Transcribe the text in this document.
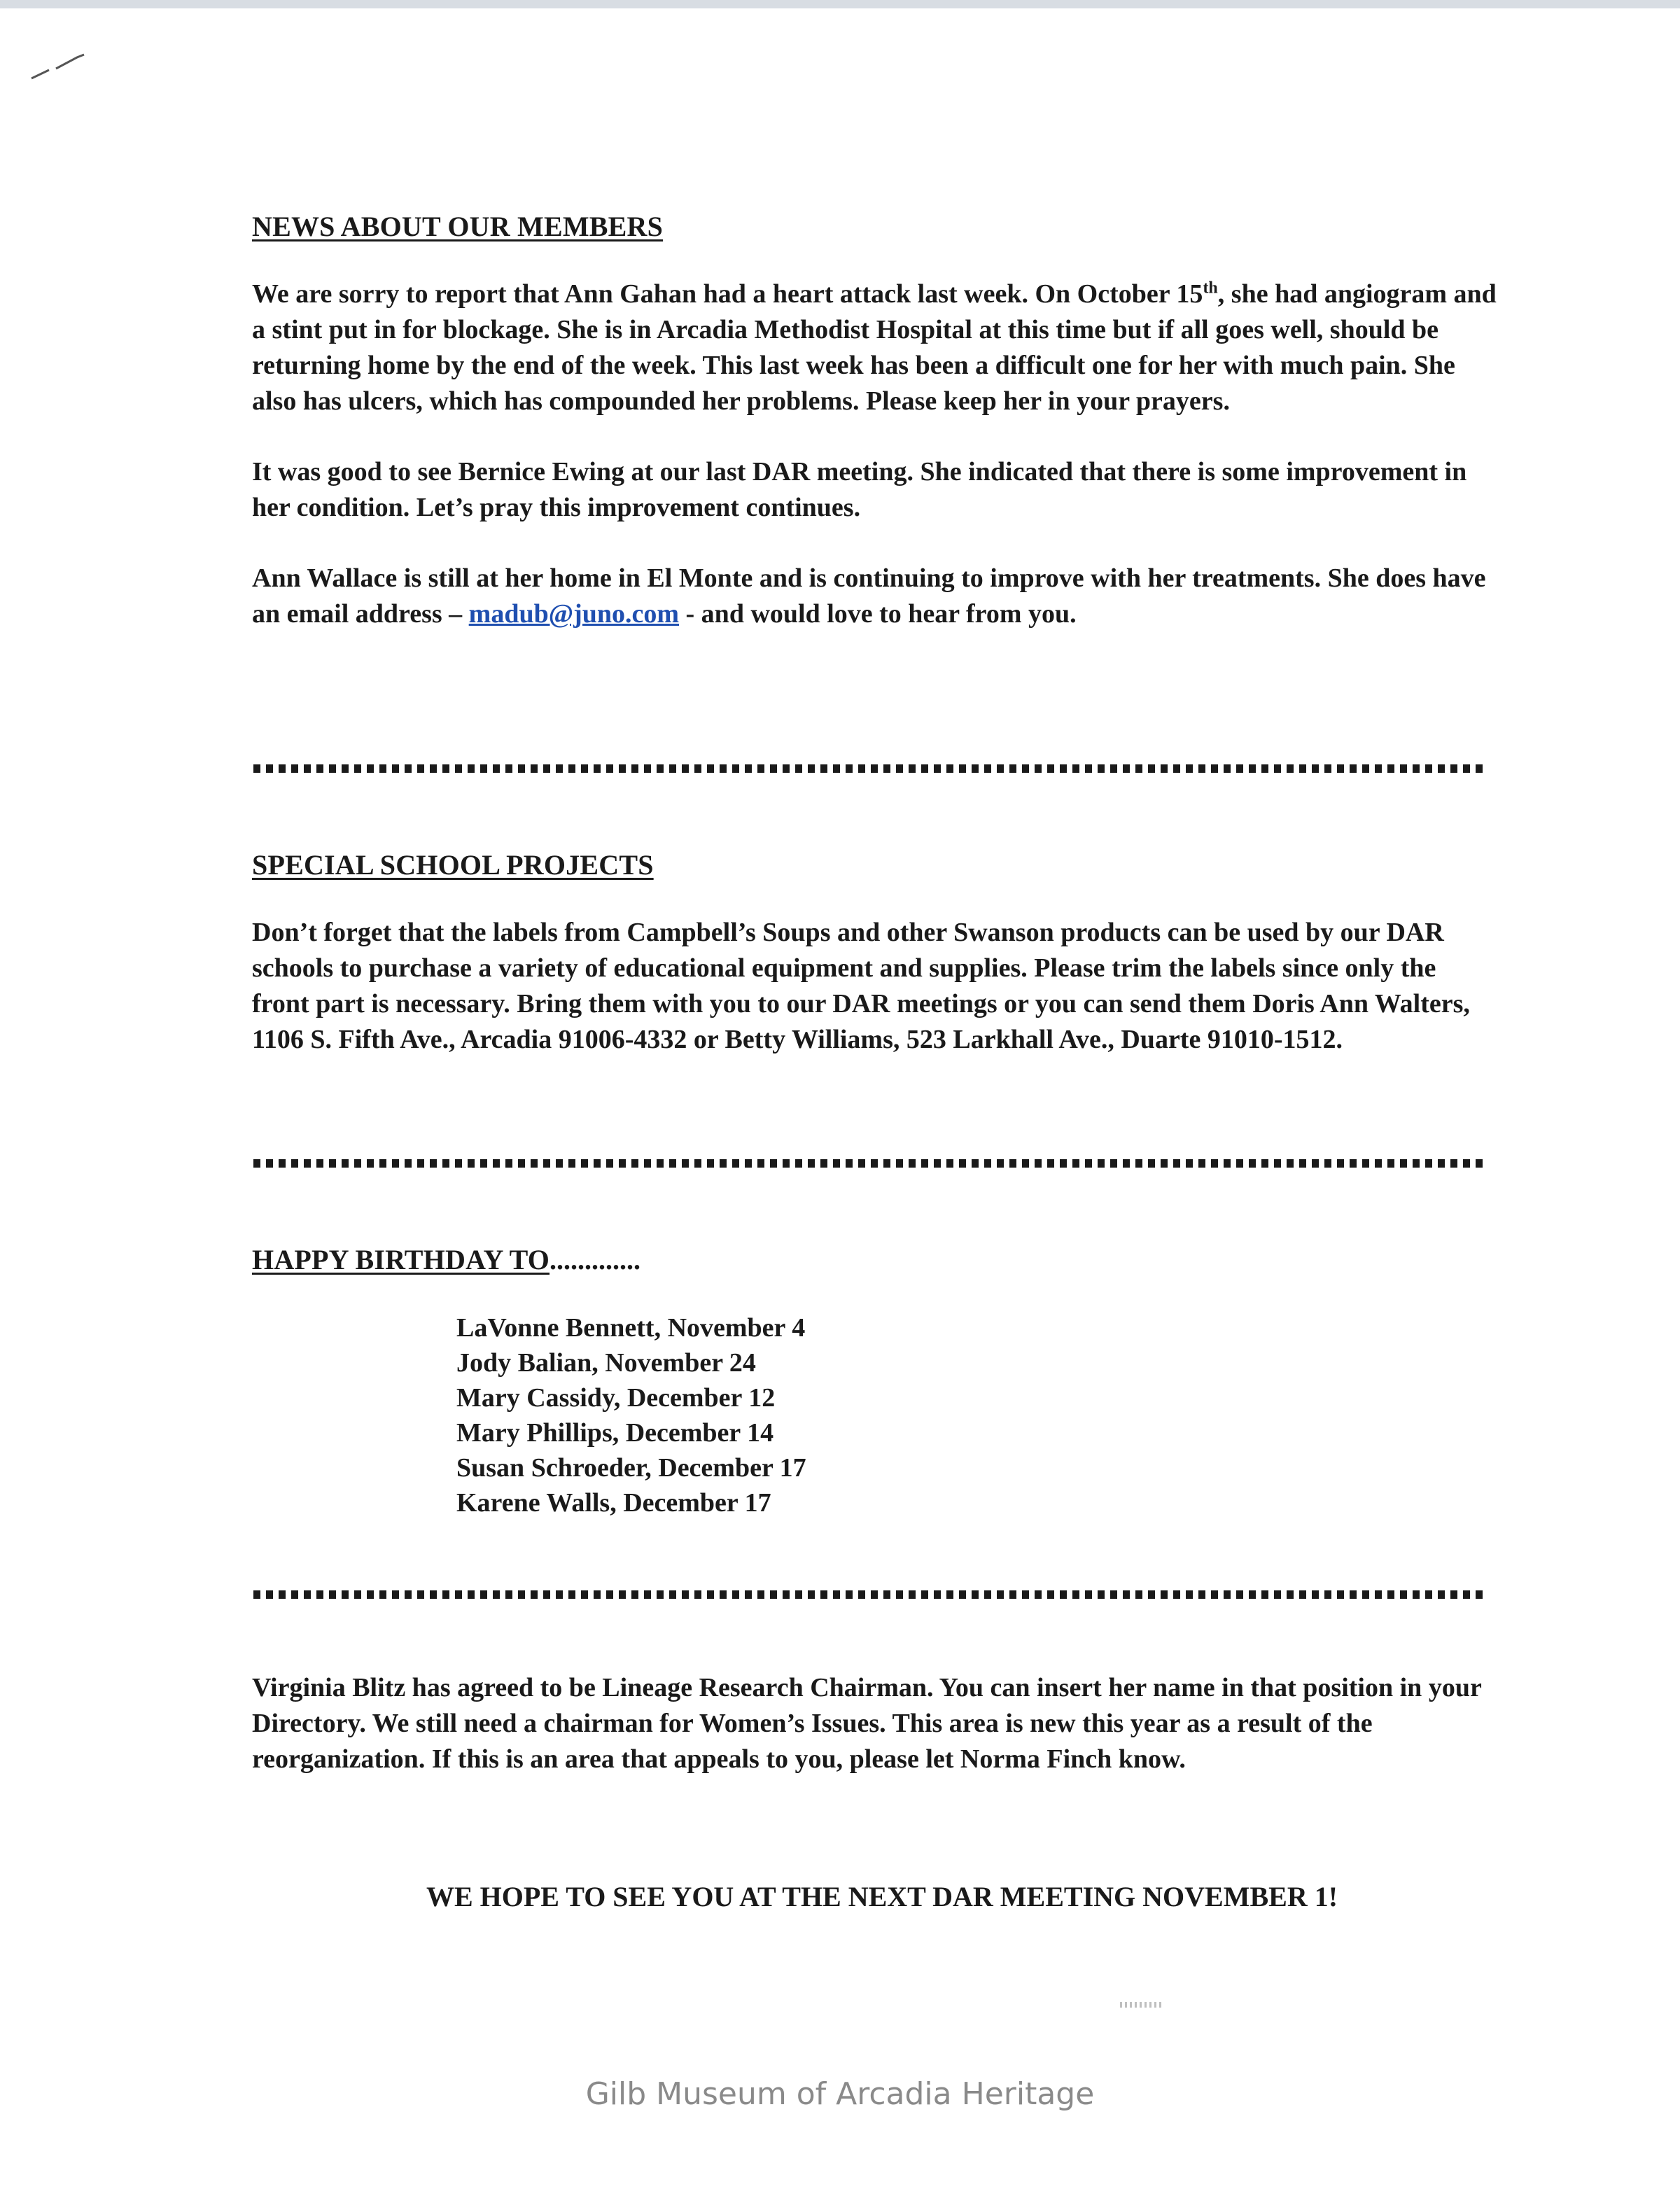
NEWS ABOUT OUR MEMBERS

We are sorry to report that Ann Gahan had a heart attack last week. On October 15th, she had angiogram and a stint put in for blockage. She is in Arcadia Methodist Hospital at this time but if all goes well, should be returning home by the end of the week. This last week has been a difficult one for her with much pain. She also has ulcers, which has compounded her problems. Please keep her in your prayers.

It was good to see Bernice Ewing at our last DAR meeting. She indicated that there is some improvement in her condition. Let’s pray this improvement continues.

Ann Wallace is still at her home in El Monte and is continuing to improve with her treatments. She does have an email address – madub@juno.com - and would love to hear from you.

SPECIAL SCHOOL PROJECTS

Don’t forget that the labels from Campbell’s Soups and other Swanson products can be used by our DAR schools to purchase a variety of educational equipment and supplies. Please trim the labels since only the front part is necessary. Bring them with you to our DAR meetings or you can send them Doris Ann Walters, 1106 S. Fifth Ave., Arcadia 91006-4332 or Betty Williams, 523 Larkhall Ave., Duarte 91010-1512.

HAPPY BIRTHDAY TO.............
LaVonne Bennett, November 4
Jody Balian, November 24
Mary Cassidy, December 12
Mary Phillips, December 14
Susan Schroeder, December 17
Karene Walls, December 17

Virginia Blitz has agreed to be Lineage Research Chairman. You can insert her name in that position in your Directory. We still need a chairman for Women’s Issues. This area is new this year as a result of the reorganization. If this is an area that appeals to you, please let Norma Finch know.

WE HOPE TO SEE YOU AT THE NEXT DAR MEETING NOVEMBER 1!
Gilb Museum of Arcadia Heritage
